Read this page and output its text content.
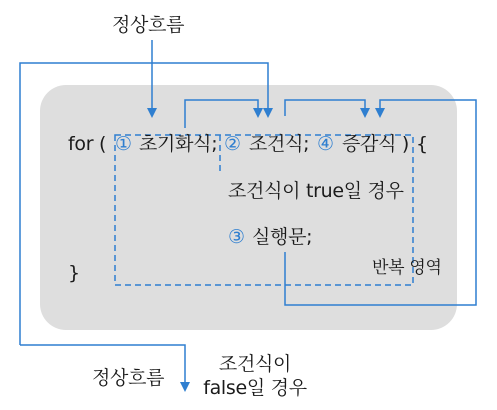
정상흐름
for ( ① 초기화식; ② 조건식; ④ 증감식 ) {
조건식이 true일 경우
③ 실행문;
반복 영역
}
정상흐름
조건식이
false일 경우
